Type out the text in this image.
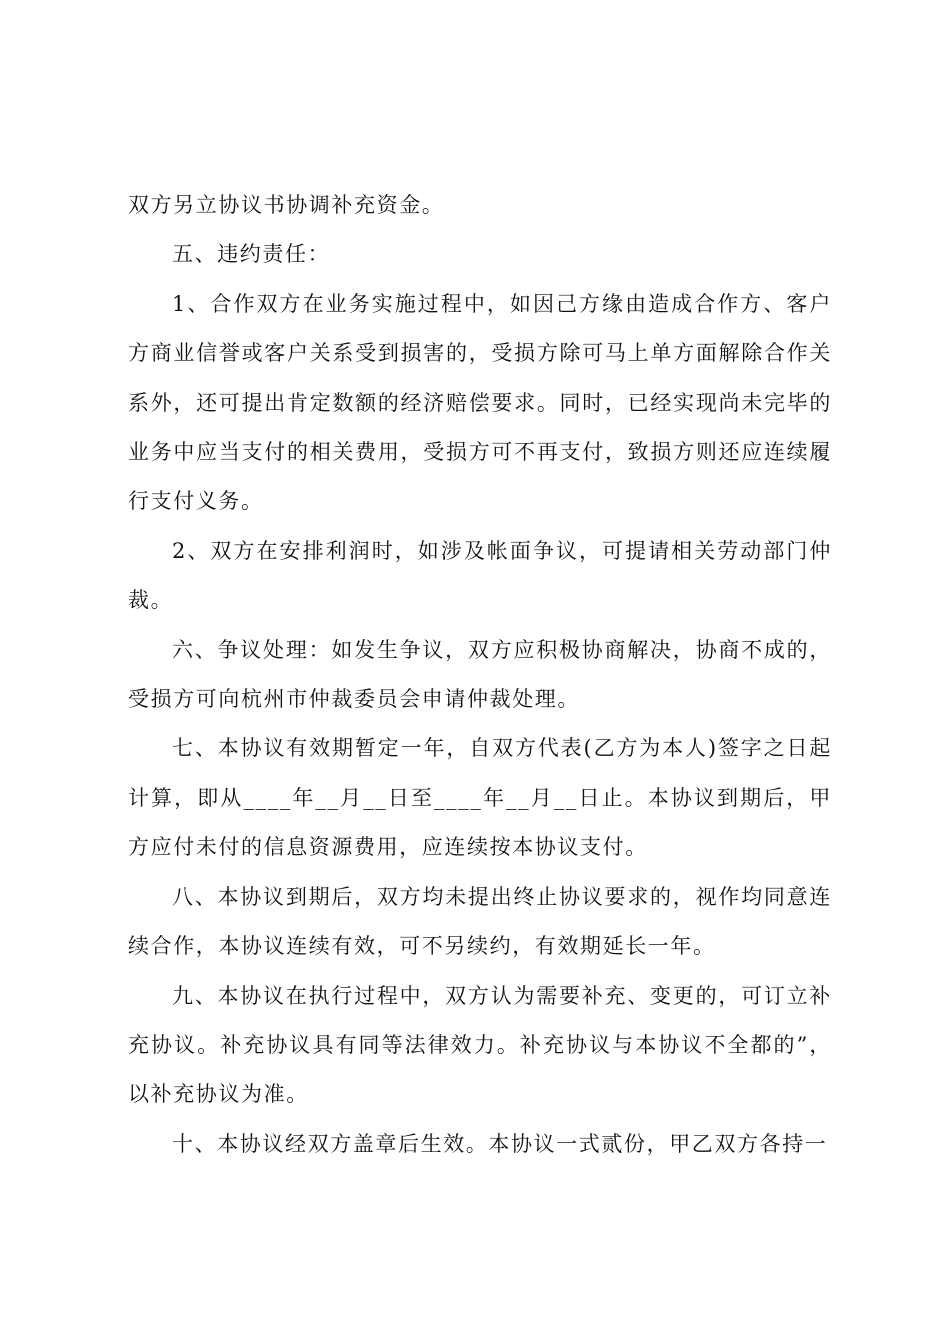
双方另立协议书协调补充资金。

五、违约责任：

1、合作双方在业务实施过程中，如因己方缘由造成合作方、客户方商业信誉或客户关系受到损害的，受损方除可马上单方面解除合作关系外，还可提出肯定数额的经济赔偿要求。同时，已经实现尚未完毕的业务中应当支付的相关费用，受损方可不再支付，致损方则还应连续履行支付义务。

2、双方在安排利润时，如涉及帐面争议，可提请相关劳动部门仲裁。

六、争议处理：如发生争议，双方应积极协商解决，协商不成的，受损方可向杭州市仲裁委员会申请仲裁处理。

七、本协议有效期暂定一年，自双方代表(乙方为本人)签字之日起计算，即从____年__月__日至____年__月__日止。本协议到期后，甲方应付未付的信息资源费用，应连续按本协议支付。

八、本协议到期后，双方均未提出终止协议要求的，视作均同意连续合作，本协议连续有效，可不另续约，有效期延长一年。

九、本协议在执行过程中，双方认为需要补充、变更的，可订立补充协议。补充协议具有同等法律效力。补充协议与本协议不全都的”，以补充协议为准。

十、本协议经双方盖章后生效。本协议一式贰份，甲乙双方各持一
